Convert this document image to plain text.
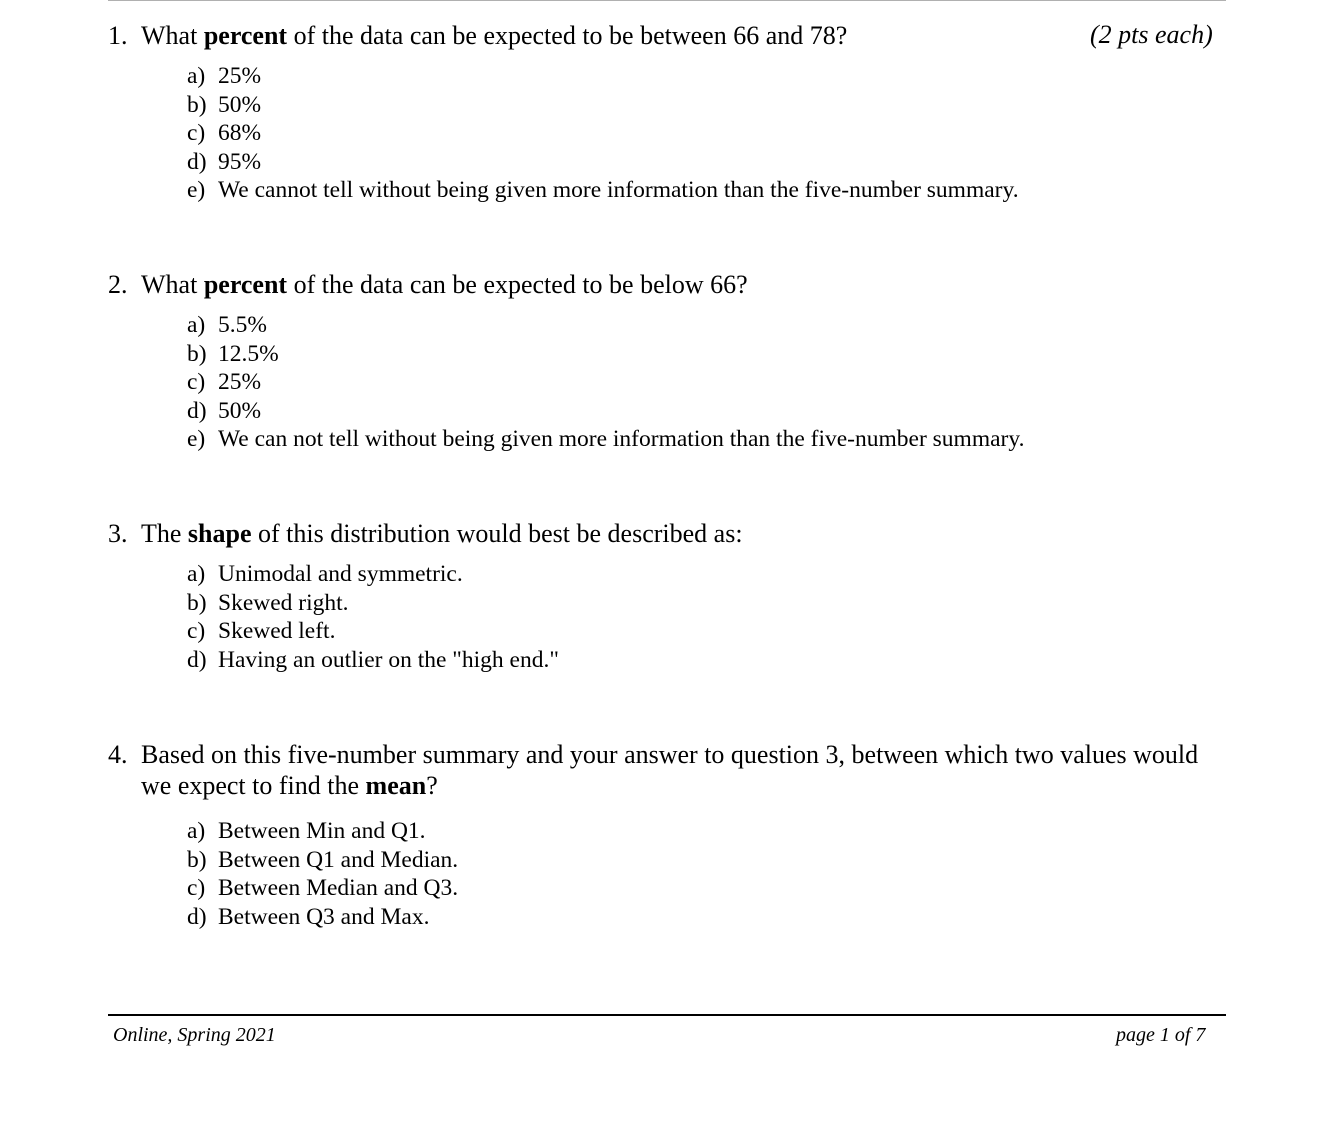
(2 pts each)
1. What percent of the data can be expected to be between 66 and 78?
a) 25%
b) 50%
c) 68%
d) 95%
e) We cannot tell without being given more information than the five-number summary.
2. What percent of the data can be expected to be below 66?
a) 5.5%
b) 12.5%
c) 25%
d) 50%
e) We can not tell without being given more information than the five-number summary.
3. The shape of this distribution would best be described as:
a) Unimodal and symmetric.
b) Skewed right.
c) Skewed left.
d) Having an outlier on the "high end."
4. Based on this five-number summary and your answer to question 3, between which two values would we expect to find the mean?
a) Between Min and Q1.
b) Between Q1 and Median.
c) Between Median and Q3.
d) Between Q3 and Max.
Online, Spring 2021	page 1 of 7
